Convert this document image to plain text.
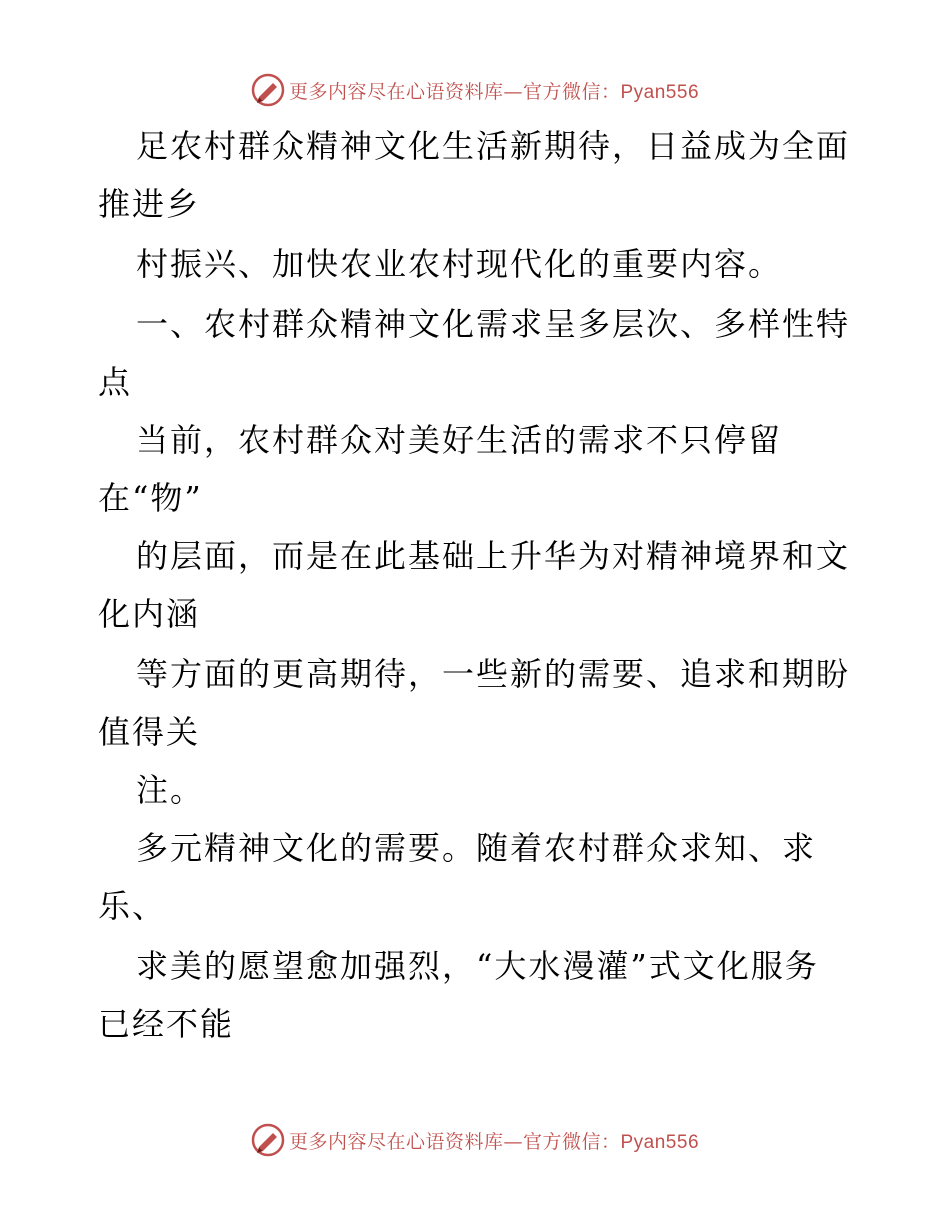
更多内容尽在心语资料库—官方微信：Pyan556
足农村群众精神文化生活新期待，日益成为全面
推进乡
村振兴、加快农业农村现代化的重要内容。
一、农村群众精神文化需求呈多层次、多样性特
点
当前，农村群众对美好生活的需求不只停留
在“物”
的层面，而是在此基础上升华为对精神境界和文
化内涵
等方面的更高期待，一些新的需要、追求和期盼
值得关
注。
多元精神文化的需要。随着农村群众求知、求
乐、
求美的愿望愈加强烈，“大水漫灌”式文化服务
已经不能
更多内容尽在心语资料库—官方微信：Pyan556
